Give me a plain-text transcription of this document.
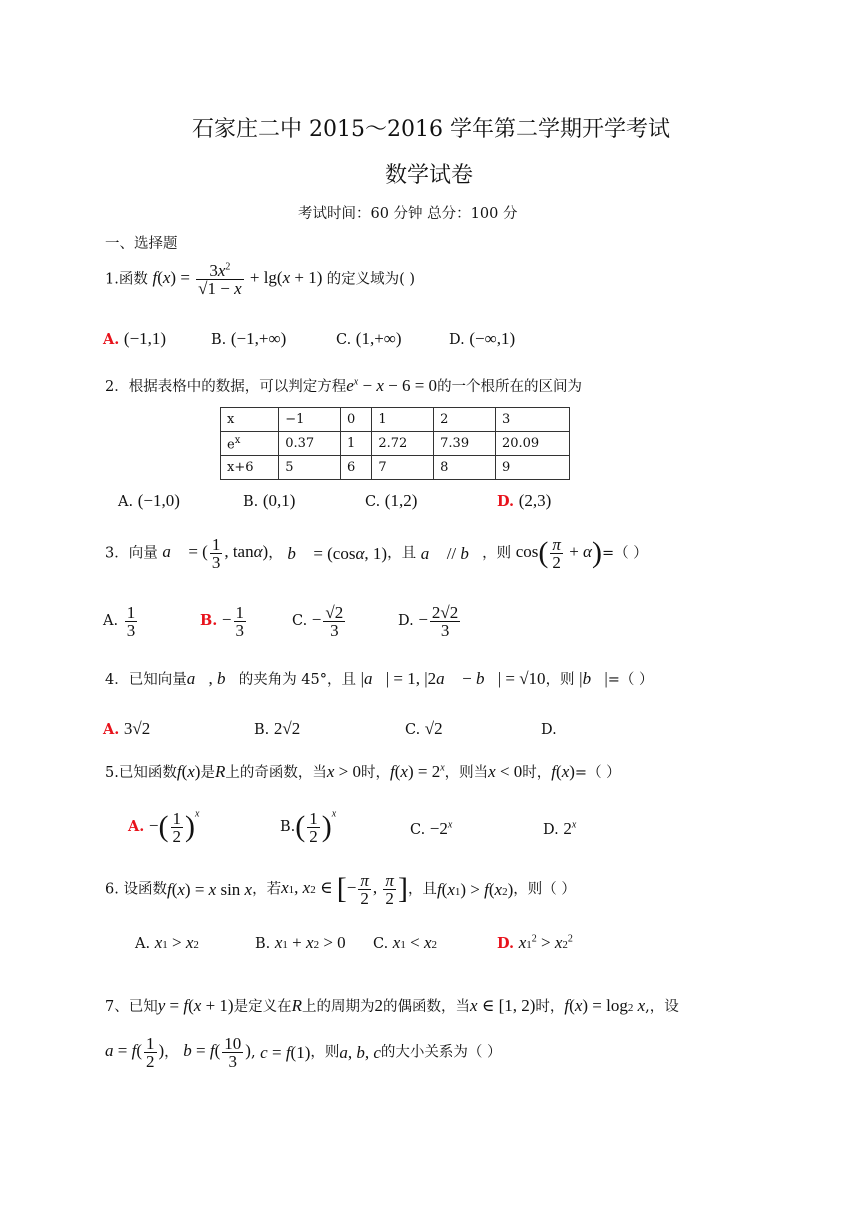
石家庄二中 2015～2016 学年第二学期开学考试
数学试卷
考试时间：60 分钟 总分：100 分
一、选择题
1.函数 $f(x) = \frac{3x^2}{√1 - x} + \lg(x + 1)$ 的定义域为( )
A. (−1,1)	B. (−1,+∞)	C. (1,+∞)	D. (−∞,1)
2．根据表格中的数据，可以判定方程$e^x - x - 6 = 0$的一个根所在的区间为
x	−1	0	1	2	3
$e^x$	0.37	1	2.72	7.39	20.09
x+6	5	6	7	8	9
A. (−1,0)	B. (0,1)	C. (1,2)	D. (2,3)
3．向量 a⃗ = ( $\frac{1}{3}$ , tanα)， b⃗ = (cosα, 1)，且 a⃗ // b⃗，则 $\cos( \frac{\pi}{2} + \alpha)=$（ ）
A. $\frac{1}{3}$	B. − $\frac{1}{3}$	C. − $\frac{√2}{3}$	D. − $\frac{2√2}{3}$
4．已知向量a⃗, b⃗的夹角为 45°，且 |a⃗| = 1, |2a⃗ − b⃗| = √10，则 |b⃗|=（ ）
A. 3√2	B. 2√2	C. √2	D.
5.已知函数f(x)是R上的奇函数，当x > 0时，$f(x) = 2^x$，则当x < 0时，f(x)=（ ）
A. −( $\frac{1}{2} )^x$
$B.( \frac{1}{2} )^x$
C. $-2^x$	D. 2$^x$
6. 设函数f(x) = x sin x，若x1, x2 ∈ [− $\frac{\pi}{2}$ , $\frac{\pi}{2}$ ]，且f(x1) > f(x2)，则（ ）
A. x1 > x2	B. x1 + x2 > 0 C. x1 < x2	D. $x1^2 > x2^2$
7、已知y = f(x + 1)是定义在R上的周期为2的偶函数，当x ∈ [1, 2)时，f(x) = log2 x,，设
$a = f( \frac{1}{2}$ )， $b = f( \frac{10}{3}$ ), c = f(1)，则a, b, c的大小关系为（ ）
